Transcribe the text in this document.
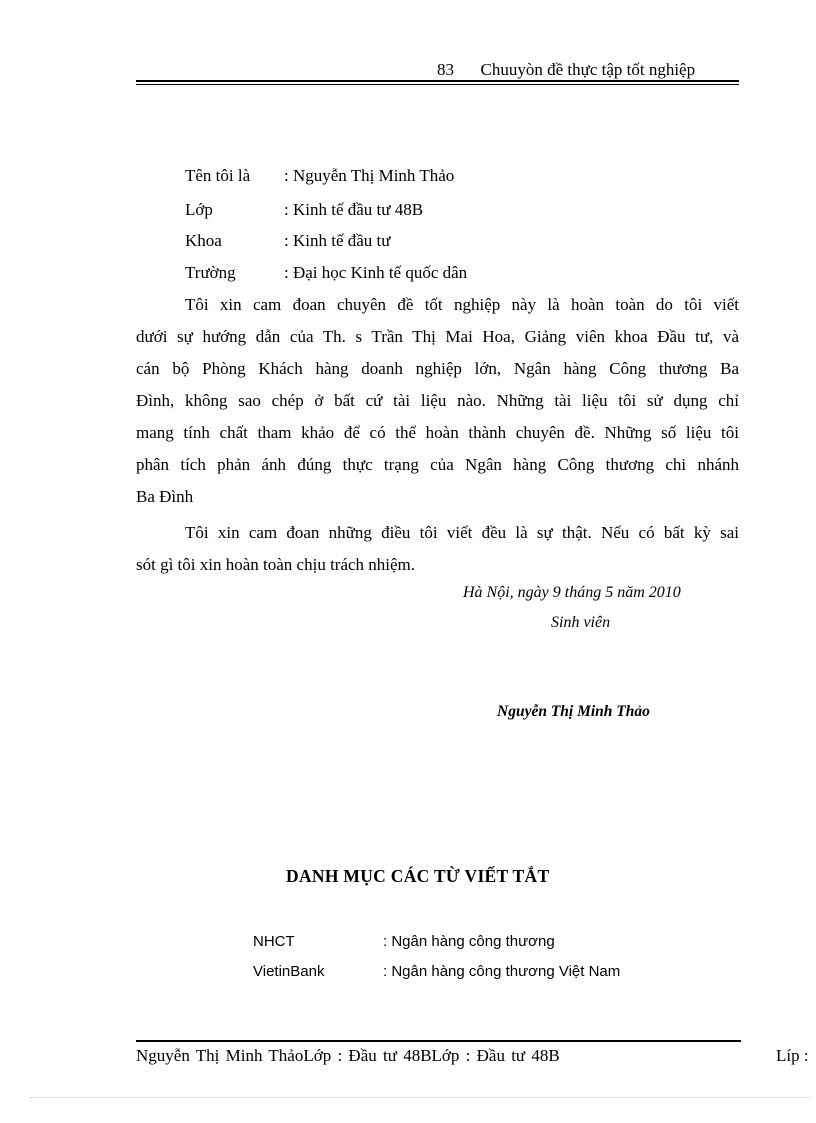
83 Chuuyòn đề thực tập tốt nghiệp
Tên tôi là : Nguyễn Thị Minh Thảo
Lớp	: Kinh tế đầu tư 48B
Khoa	: Kinh tế đầu tư
Trường	: Đại học Kinh tế quốc dân
Tôi xin cam đoan chuyên đề tốt nghiệp này là hoàn toàn do tôi viết
dưới sự hướng dẫn của Th. s Trần Thị Mai Hoa, Giảng viên khoa Đầu tư, và
cán bộ Phòng Khách hàng doanh nghiệp lớn, Ngân hàng Công thương Ba
Đình, không sao chép ở bất cứ tài liệu nào. Những tài liệu tôi sử dụng chỉ
mang tính chất tham khảo để có thể hoàn thành chuyên đề. Những số liệu tôi
phân tích phản ánh đúng thực trạng của Ngân hàng Công thương chi nhánh
Ba Đình
Tôi xin cam đoan những điều tôi viết đều là sự thật. Nếu có bất kỳ sai
sót gì tôi xin hoàn toàn chịu trách nhiệm.
Hà Nội, ngày 9 tháng 5 năm 2010
Sinh viên
Nguyễn Thị Minh Thảo
DANH MỤC CÁC TỪ VIẾT TẮT
NHCT	: Ngân hàng công thương
VietinBank	: Ngân hàng công thương Việt Nam
Nguyễn Thị Minh ThảoLớp : Đầu tư 48BLớp : Đầu tư 48B	Líp :
